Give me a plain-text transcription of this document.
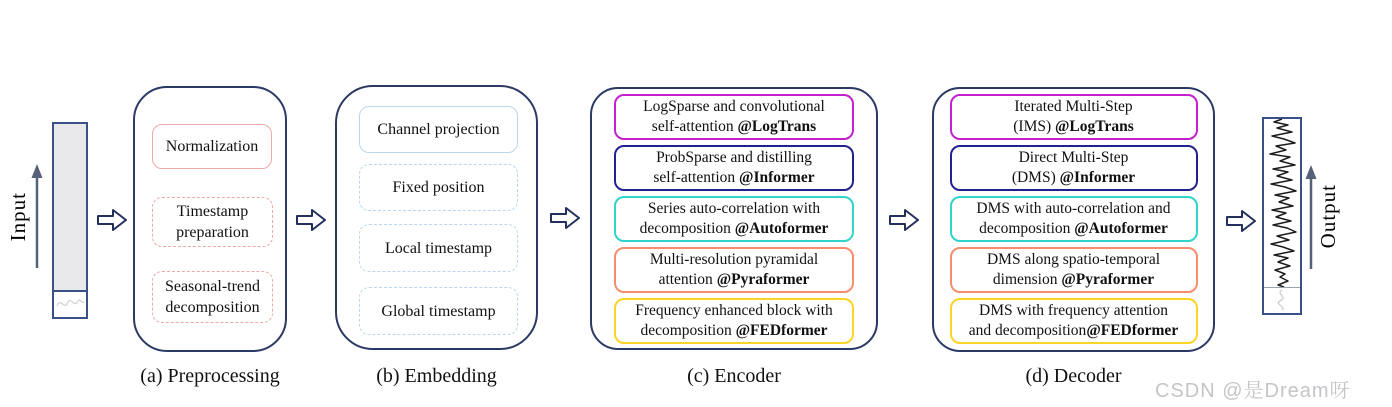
Input
Normalization
Timestamp preparation
Seasonal-trend decomposition
Channel projection
Fixed position
Local timestamp
Global timestamp
LogSparse and convolutional
self-attention @LogTrans
ProbSparse and distilling
self-attention @Informer
Series auto-correlation with
decomposition @Autoformer
Multi-resolution pyramidal
attention @Pyraformer
Frequency enhanced block with
decomposition @FEDformer
Iterated Multi-Step
(IMS) @LogTrans
Direct Multi-Step
(DMS) @Informer
DMS with auto-correlation and
decomposition @Autoformer
DMS along spatio-temporal
dimension @Pyraformer
DMS with frequency attention
and decomposition@FEDformer
Output
(a) Preprocessing	(b) Embedding	(c) Encoder	(d) Decoder
CSDN @是Dream呀
